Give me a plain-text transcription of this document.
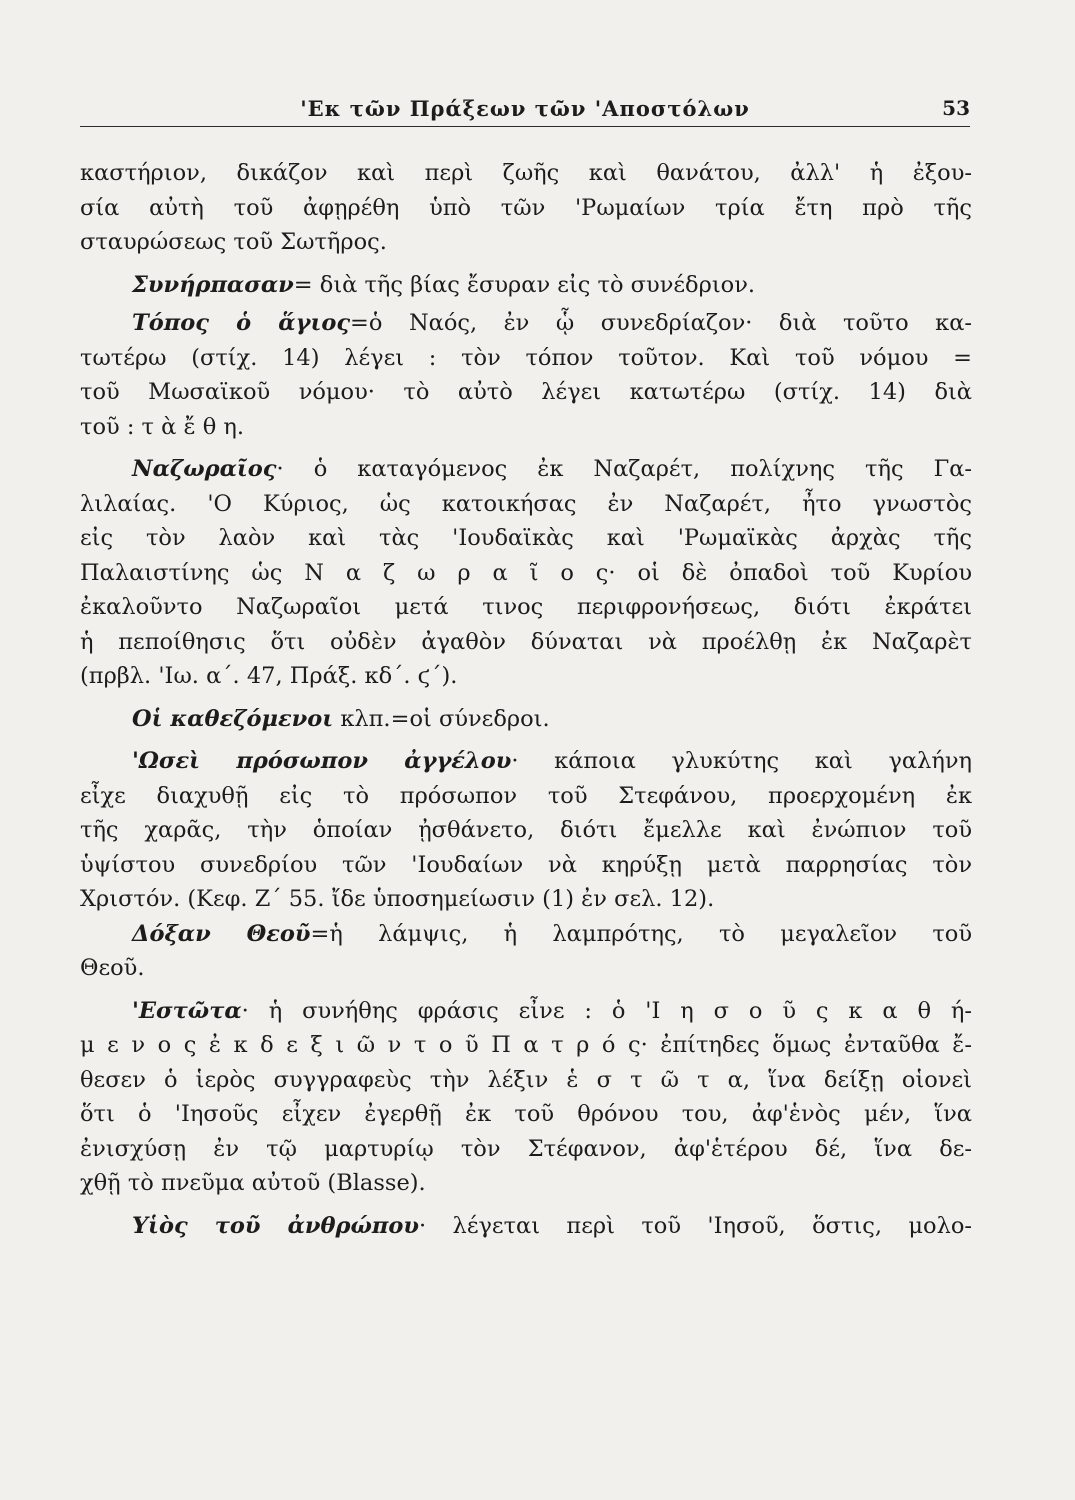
'Εκ τῶν Πράξεων τῶν 'Αποστόλων	53
καστήριον, δικάζον καὶ περὶ ζωῆς καὶ θανάτου, ἀλλ' ἡ ἐξου-
σία αὐτὴ τοῦ ἀφῃρέθη ὑπὸ τῶν 'Ρωμαίων τρία ἔτη πρὸ τῆς
σταυρώσεως τοῦ Σωτῆρος.
Συνήρπασαν= διὰ τῆς βίας ἔσυραν εἰς τὸ συνέδριον.
Τόπος ὁ ἅγιος=ὁ Ναός, ἐν ᾧ συνεδρίαζον· διὰ τοῦτο κα-
τωτέρω (στίχ. 14) λέγει : τὸν τόπον τοῦτον. Καὶ τοῦ νόμου =
τοῦ Μωσαϊκοῦ νόμου· τὸ αὐτὸ λέγει κατωτέρω (στίχ. 14) διὰ
τοῦ : τ ὰ ἔ θ η.
Ναζωραῖος· ὁ καταγόμενος ἐκ Ναζαρέτ, πολίχνης τῆς Γα-
λιλαίας. 'Ο Κύριος, ὡς κατοικήσας ἐν Ναζαρέτ, ἦτο γνωστὸς
εἰς τὸν λαὸν καὶ τὰς 'Ιουδαϊκὰς καὶ 'Ρωμαϊκὰς ἀρχὰς τῆς
Παλαιστίνης ὡς Ν α ζ ω ρ α ῖ ο ς· οἱ δὲ ὀπαδοὶ τοῦ Κυρίου
ἐκαλοῦντο Ναζωραῖοι μετά τινος περιφρονήσεως, διότι ἐκράτει
ἡ πεποίθησις ὅτι οὐδὲν ἀγαθὸν δύναται νὰ προέλθῃ ἐκ Ναζαρὲτ
(πρβλ. 'Ιω. α΄. 47, Πράξ. κδ΄. ϛ΄).
Οἱ καθεζόμενοι κλπ.=οἱ σύνεδροι.
'Ωσεὶ πρόσωπον ἀγγέλου· κάποια γλυκύτης καὶ γαλήνη
εἶχε διαχυθῇ εἰς τὸ πρόσωπον τοῦ Στεφάνου, προερχομένη ἐκ
τῆς χαρᾶς, τὴν ὁποίαν ᾐσθάνετο, διότι ἔμελλε καὶ ἐνώπιον τοῦ
ὑψίστου συνεδρίου τῶν 'Ιουδαίων νὰ κηρύξῃ μετὰ παρρησίας τὸν
Χριστόν. (Κεφ. Ζ΄ 55. ἴδε ὑποσημείωσιν (1) ἐν σελ. 12).
Δόξαν Θεοῦ=ἡ λάμψις, ἡ λαμπρότης, τὸ μεγαλεῖον τοῦ
Θεοῦ.
'Εστῶτα· ἡ συνήθης φράσις εἶνε : ὁ 'Ι η σ ο ῦ ς κ α θ ή-
μ ε ν ο ς ἐ κ δ ε ξ ι ῶ ν τ ο ῦ Π α τ ρ ό ς· ἐπίτηδες ὅμως ἐνταῦθα ἔ-
θεσεν ὁ ἱερὸς συγγραφεὺς τὴν λέξιν ἑ σ τ ῶ τ α, ἵνα δείξῃ οἱονεὶ
ὅτι ὁ 'Ιησοῦς εἶχεν ἐγερθῇ ἐκ τοῦ θρόνου του, ἀφ'ἑνὸς μέν, ἵνα
ἐνισχύσῃ ἐν τῷ μαρτυρίῳ τὸν Στέφανον, ἀφ'ἑτέρου δέ, ἵνα δε-
χθῇ τὸ πνεῦμα αὐτοῦ (Blasse).
Υἱὸς τοῦ ἀνθρώπου· λέγεται περὶ τοῦ 'Ιησοῦ, ὅστις, μολο-
